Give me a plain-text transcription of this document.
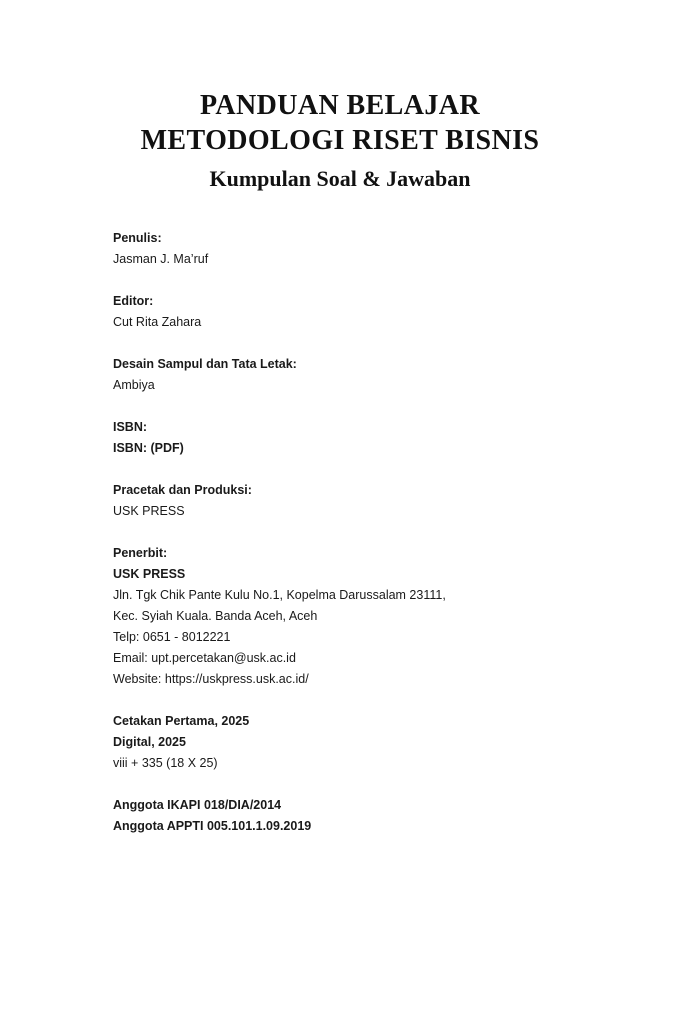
PANDUAN BELAJAR
METODOLOGI RISET BISNIS
Kumpulan Soal & Jawaban
Penulis:
Jasman J. Ma’ruf
Editor:
Cut Rita Zahara
Desain Sampul dan Tata Letak:
Ambiya
ISBN:
ISBN: (PDF)
Pracetak dan Produksi:
USK PRESS
Penerbit:
USK PRESS
Jln. Tgk Chik Pante Kulu No.1, Kopelma Darussalam 23111,
Kec. Syiah Kuala. Banda Aceh, Aceh
Telp: 0651 - 8012221
Email: upt.percetakan@usk.ac.id
Website: https://uskpress.usk.ac.id/
Cetakan Pertama, 2025
Digital, 2025
viii + 335 (18 X 25)
Anggota IKAPI 018/DIA/2014
Anggota APPTI 005.101.1.09.2019
